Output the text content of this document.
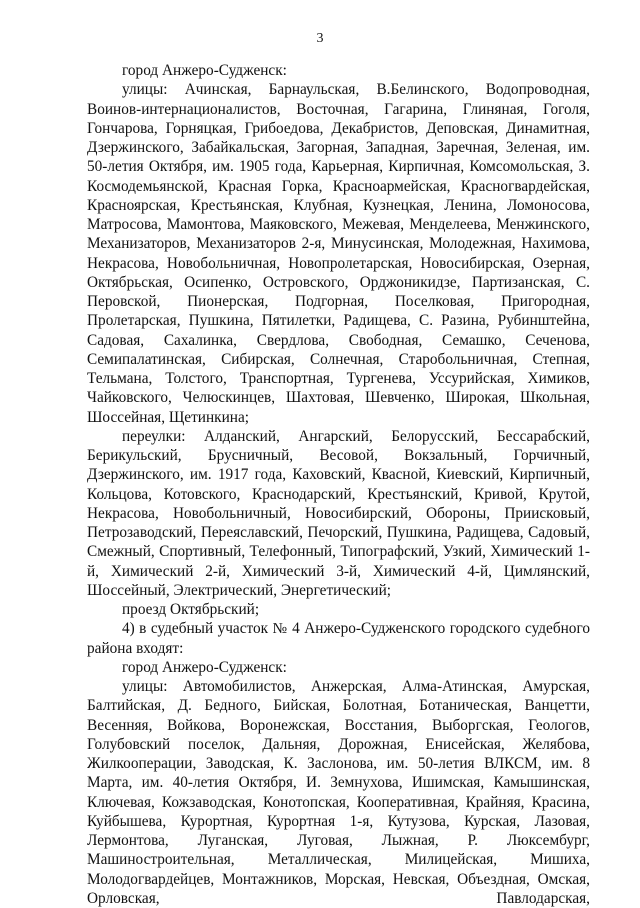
3

город Анжеро-Судженск:

улицы: Ачинская, Барнаульская, В.Белинского, Водопроводная, Воинов-интернационалистов, Восточная, Гагарина, Глиняная, Гоголя, Гончарова, Горняцкая, Грибоедова, Декабристов, Деповская, Динамитная, Дзержинского, Забайкальская, Загорная, Западная, Заречная, Зеленая, им. 50-летия Октября, им. 1905 года, Карьерная, Кирпичная, Комсомольская, З. Космодемьянской, Красная Горка, Красноармейская, Красногвардейская, Красноярская, Крестьянская, Клубная, Кузнецкая, Ленина, Ломоносова, Матросова, Мамонтова, Маяковского, Межевая, Менделеева, Менжинского, Механизаторов, Механизаторов 2-я, Минусинская, Молодежная, Нахимова, Некрасова, Новобольничная, Новопролетарская, Новосибирская, Озерная, Октябрьская, Осипенко, Островского, Орджоникидзе, Партизанская, С. Перовской, Пионерская, Подгорная, Поселковая, Пригородная, Пролетарская, Пушкина, Пятилетки, Радищева, С. Разина, Рубинштейна, Садовая, Сахалинка, Свердлова, Свободная, Семашко, Сеченова, Семипалатинская, Сибирская, Солнечная, Старобольничная, Степная, Тельмана, Толстого, Транспортная, Тургенева, Уссурийская, Химиков, Чайковского, Челюскинцев, Шахтовая, Шевченко, Широкая, Школьная, Шоссейная, Щетинкина;

переулки: Алданский, Ангарский, Белорусский, Бессарабский, Берикульский, Брусничный, Весовой, Вокзальный, Горчичный, Дзержинского, им. 1917 года, Каховский, Квасной, Киевский, Кирпичный, Кольцова, Котовского, Краснодарский, Крестьянский, Кривой, Крутой, Некрасова, Новобольничный, Новосибирский, Обороны, Приисковый, Петрозаводский, Переяславский, Печорский, Пушкина, Радищева, Садовый, Смежный, Спортивный, Телефонный, Типографский, Узкий, Химический 1-й, Химический 2-й, Химический 3-й, Химический 4-й, Цимлянский, Шоссейный, Электрический, Энергетический;

проезд Октябрьский;

4) в судебный участок № 4 Анжеро-Судженского городского судебного района входят:

город Анжеро-Судженск:

улицы: Автомобилистов, Анжерская, Алма-Атинская, Амурская, Балтийская, Д. Бедного, Бийская, Болотная, Ботаническая, Ванцетти, Весенняя, Войкова, Воронежская, Восстания, Выборгская, Геологов, Голубовский поселок, Дальняя, Дорожная, Енисейская, Желябова, Жилкооперации, Заводская, К. Заслонова, им. 50-летия ВЛКСМ, им. 8 Марта, им. 40-летия Октября, И. Земнухова, Ишимская, Камышинская, Ключевая, Кожзаводская, Конотопская, Кооперативная, Крайняя, Красина, Куйбышева, Курортная, Курортная 1-я, Кутузова, Курская, Лазовая, Лермонтова, Луганская, Луговая, Лыжная, Р. Люксембург, Машиностроительная, Металлическая, Милицейская, Мишиха, Молодогвардейцев, Монтажников, Морская, Невская, Объездная, Омская, Орловская, Павлодарская,
